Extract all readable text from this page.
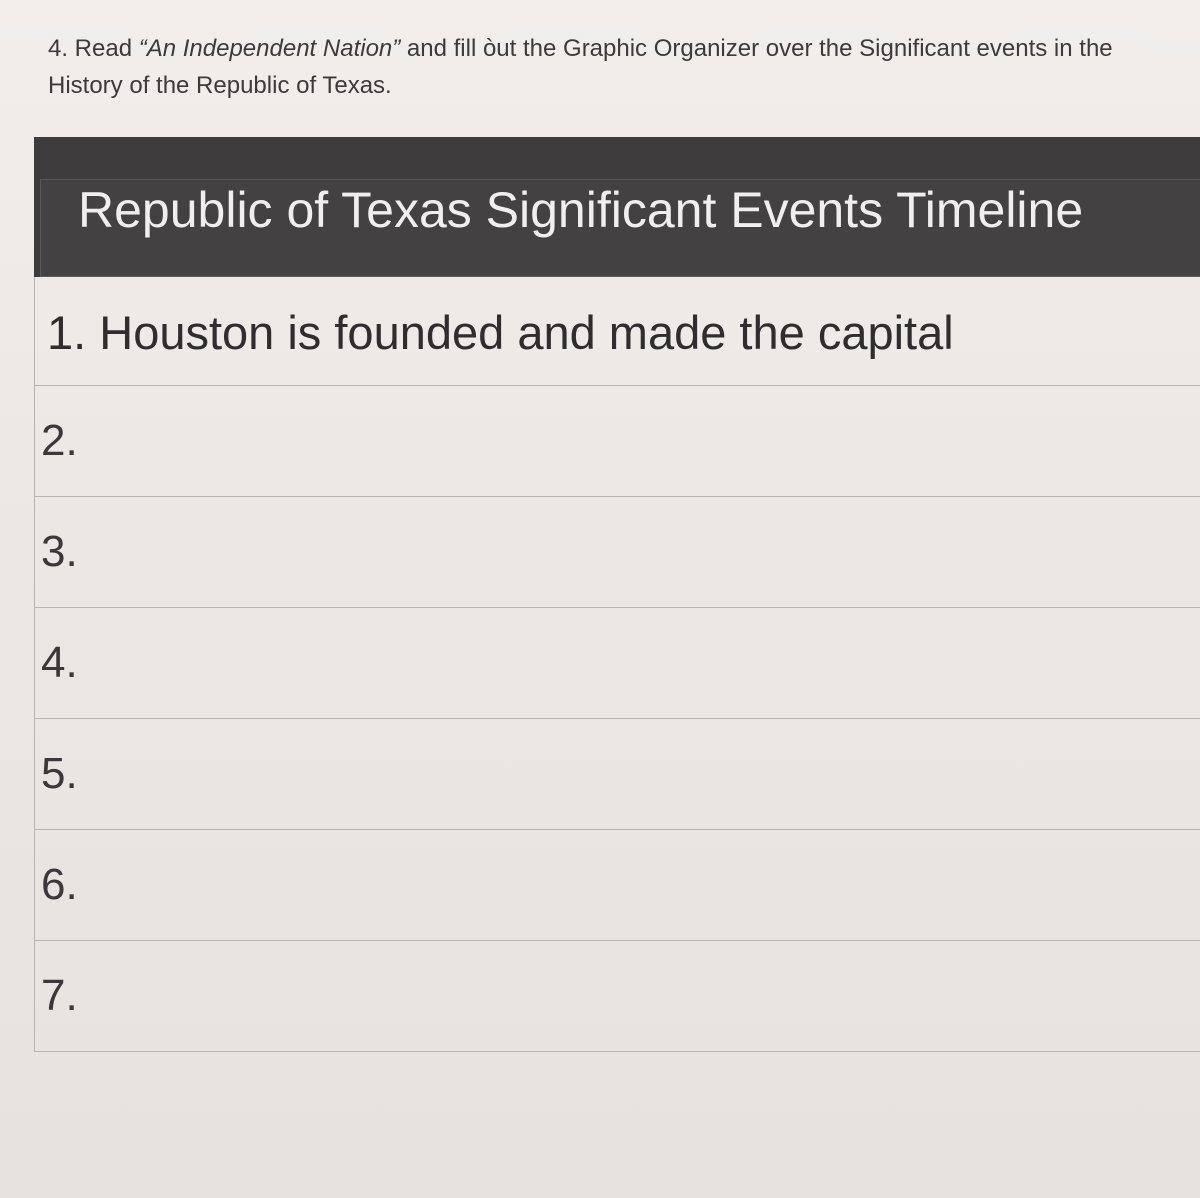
4. Read “An Independent Nation” and fill òut the Graphic Organizer over the Significant events in the History of the Republic of Texas.
Republic of Texas Significant Events Timeline
1. Houston is founded and made the capital
2.
3.
4.
5.
6.
7.
